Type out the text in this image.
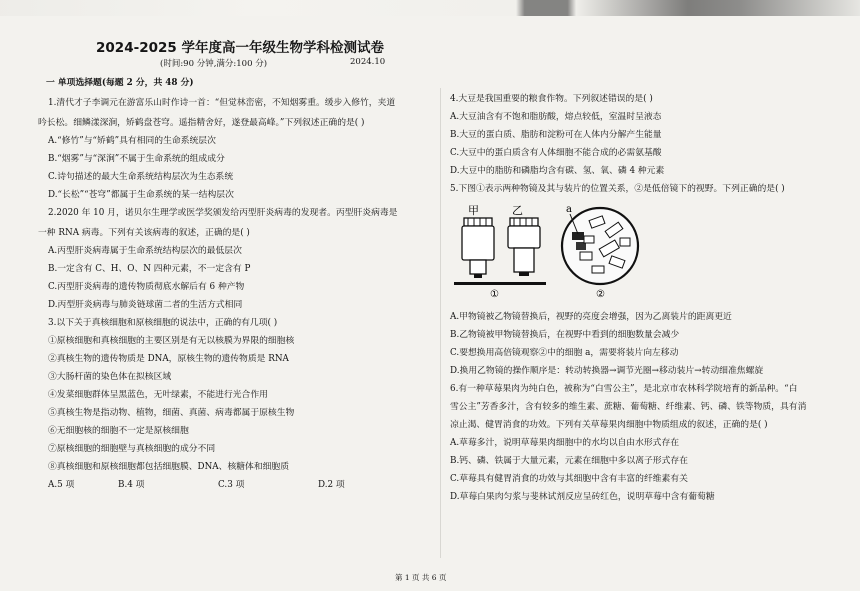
2024-2025 学年度高一年级生物学科检测试卷
(时间:90 分钟,满分:100 分)	2024.10

一 单项选择题(每题 2 分，共 48 分)

1.清代才子李调元在游富乐山时作诗一首：“但觉林峦密，不知烟雾重。缓步入修竹，夹道

吟长松。细鳞漾深涧，矫鹤盘苍穹。遥指精舍好，遂登最高峰。”下列叙述正确的是( )

A.“修竹”与“矫鹤”具有相同的生命系统层次

B.“烟雾”与“深涧”不属于生命系统的组成成分

C.诗句描述的最大生命系统结构层次为生态系统

D.“长松”“苍穹”都属于生命系统的某一结构层次

2.2020 年 10 月，诺贝尔生理学或医学奖颁发给丙型肝炎病毒的发现者。丙型肝炎病毒是

一种 RNA 病毒。下列有关该病毒的叙述，正确的是( )

A.丙型肝炎病毒属于生命系统结构层次的最低层次

B.一定含有 C、H、O、N 四种元素，不一定含有 P

C.丙型肝炎病毒的遗传物质彻底水解后有 6 种产物

D.丙型肝炎病毒与肺炎链球菌二者的生活方式相同

3.以下关于真核细胞和原核细胞的说法中，正确的有几项( )

①原核细胞和真核细胞的主要区别是有无以核膜为界限的细胞核

②真核生物的遗传物质是 DNA，原核生物的遗传物质是 RNA

③大肠杆菌的染色体在拟核区域

④发菜细胞群体呈黑蓝色，无叶绿素，不能进行光合作用

⑤真核生物是指动物、植物，细菌、真菌、病毒都属于原核生物

⑥无细胞核的细胞不一定是原核细胞

⑦原核细胞的细胞壁与真核细胞的成分不同

⑧真核细胞和原核细胞都包括细胞膜、DNA、核糖体和细胞质

A.5 项	B.4 项	C.3 项	D.2 项

4.大豆是我国重要的粮食作物。下列叙述错误的是( )

A.大豆油含有不饱和脂肪酸，熔点较低，室温时呈液态

B.大豆的蛋白质、脂肪和淀粉可在人体内分解产生能量

C.大豆中的蛋白质含有人体细胞不能合成的必需氨基酸

D.大豆中的脂肪和磷脂均含有碳、氢、氧、磷 4 种元素

5.下图①表示两种物镜及其与装片的位置关系，②是低倍镜下的视野。下列正确的是( )

甲	乙
①
a
②

A.甲物镜被乙物镜替换后，视野的亮度会增强，因为乙离装片的距离更近

B.乙物镜被甲物镜替换后，在视野中看到的细胞数量会减少

C.要想换用高倍镜观察②中的细胞 a，需要将装片向左移动

D.换用乙物镜的操作顺序是：转动转换器→调节光圈→移动装片→转动细准焦螺旋

6.有一种草莓果肉为纯白色，被称为“白雪公主”，是北京市农林科学院培育的新品种。“白

雪公主”芳香多汁，含有较多的维生素、蔗糖、葡萄糖、纤维素、钙、磷、铁等物质，具有消

凉止渴、健胃消食的功效。下列有关草莓果肉细胞中物质组成的叙述，正确的是( )

A.草莓多汁，说明草莓果肉细胞中的水均以自由水形式存在

B.钙、磷、铁属于大量元素，元素在细胞中多以离子形式存在

C.草莓具有健胃消食的功效与其细胞中含有丰富的纤维素有关

D.草莓白果肉匀浆与斐林试剂反应呈砖红色，说明草莓中含有葡萄糖

第 1 页 共 6 页
